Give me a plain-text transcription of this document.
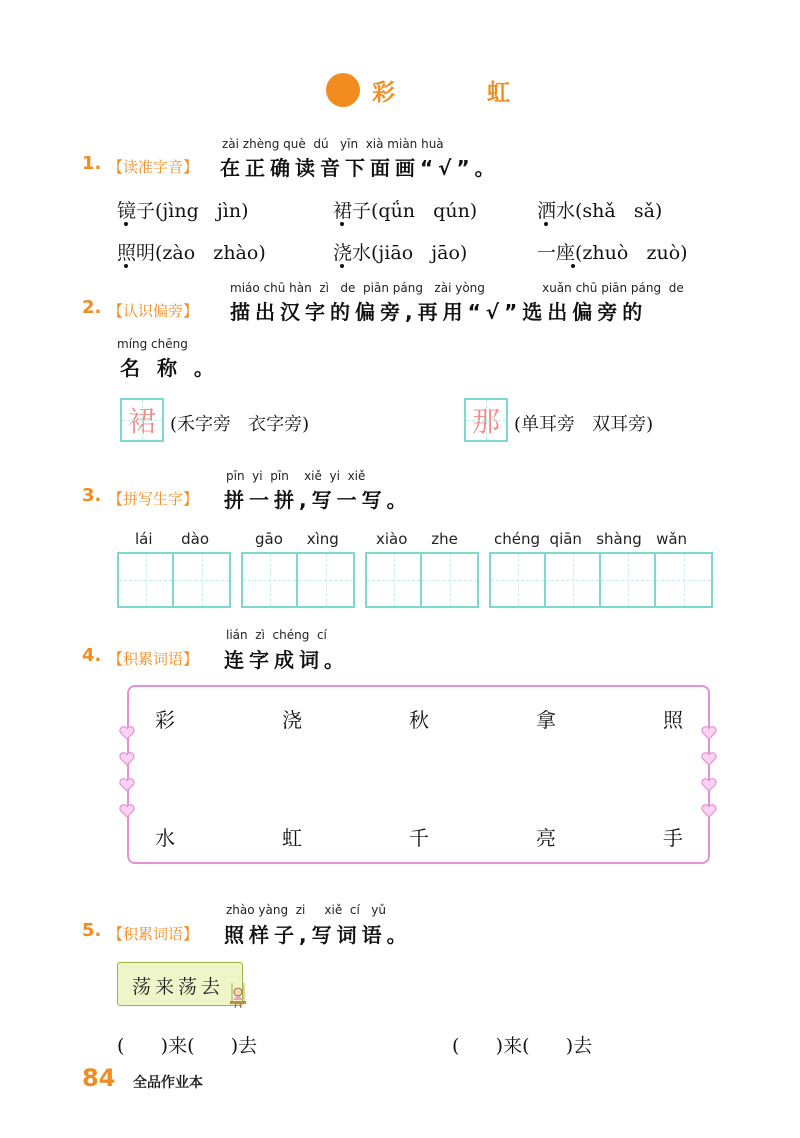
彩 虹
zài zhèng què  dú   yīn  xià miàn huà
1. 【读准字音】 在正确读音下面画“√”。
镜子(jìng   jìn)	裙子(qǘn   qún)	洒水(shǎ   sǎ)
照明(zào   zhào)	浇水(jiāo   jāo)	一座(zhuò   zuò)
miáo chū hàn  zì   de  piān páng   zài yòng               xuǎn chū piān páng  de
2. 【认识偏旁】 描出汉字的偏旁,再用“√”选出偏旁的
míng chēng
名 称 。
裙 (禾字旁   衣字旁)	那 (单耳旁   双耳旁)
pīn  yi  pīn    xiě  yi  xiě
3. 【拼写生字】 拼一拼,写一写。
lái      dào	gāo     xìng xiào     zhe chéng  qiān   shàng   wǎn
lián  zì  chéng  cí
4. 【积累词语】 连字成词。
彩	浇	秋	拿	照
水	虹	千	亮	手
zhào yàng  zi     xiě  cí   yǔ
5. 【积累词语】 照样子,写词语。
荡来荡去
(      )来(      )去	(      )来(      )去
84 全品作业本
